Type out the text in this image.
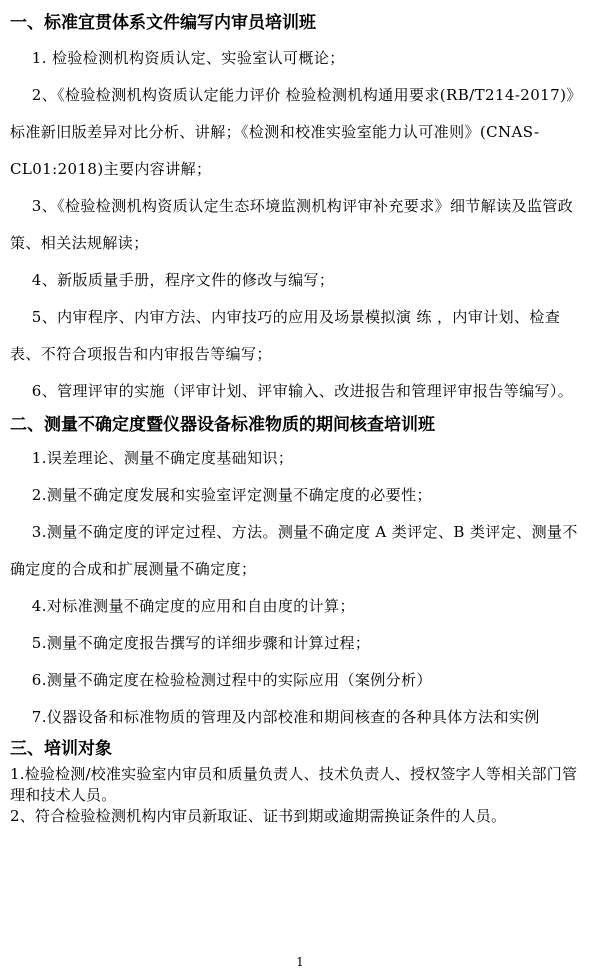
一、标准宜贯体系文件编写内审员培训班

1. 检验检测机构资质认定、实验室认可概论；

2、《检验检测机构资质认定能力评价 检验检测机构通用要求(RB/T214-2017)》标准新旧版差异对比分析、讲解；《检测和校准实验室能力认可准则》(CNAS-CL01:2018)主要内容讲解；

3、《检验检测机构资质认定生态环境监测机构评审补充要求》细节解读及监管政策、相关法规解读；

4、新版质量手册，程序文件的修改与编写；

5、内审程序、内审方法、内审技巧的应用及场景模拟演 练 ，内审计划、检查表、不符合项报告和内审报告等编写；

6、管理评审的实施（评审计划、评审输入、改进报告和管理评审报告等编写）。

二、测量不确定度暨仪器设备标准物质的期间核查培训班

1.误差理论、测量不确定度基础知识；

2.测量不确定度发展和实验室评定测量不确定度的必要性；

3.测量不确定度的评定过程、方法。测量不确定度 A 类评定、B 类评定、测量不确定度的合成和扩展测量不确定度；

4.对标准测量不确定度的应用和自由度的计算；

5.测量不确定度报告撰写的详细步骤和计算过程；

6.测量不确定度在检验检测过程中的实际应用（案例分析）

7.仪器设备和标准物质的管理及内部校准和期间核查的各种具体方法和实例

三、培训对象

1.检验检测/校准实验室内审员和质量负责人、技术负责人、授权签字人等相关部门管理和技术人员。

2、符合检验检测机构内审员新取证、证书到期或逾期需换证条件的人员。

1
